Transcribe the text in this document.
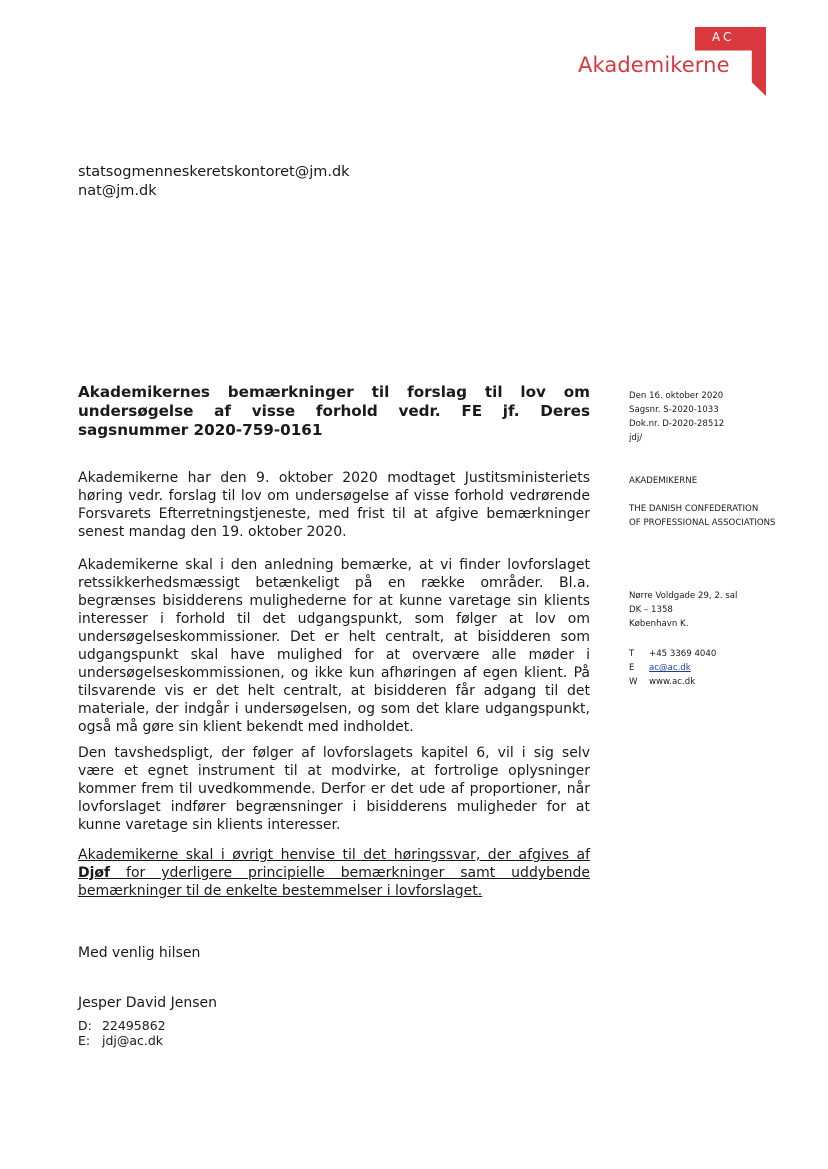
AC
Akademikerne
statsogmenneskeretskontoret@jm.dk
nat@jm.dk
Akademikernes bemærkninger til forslag til lov om undersøgelse af visse forhold vedr. FE jf. Deres sagsnummer 2020-759-0161
Akademikerne har den 9. oktober 2020 modtaget Justitsministeriets høring vedr. forslag til lov om undersøgelse af visse forhold vedrørende Forsvarets Efterretningstjeneste, med frist til at afgive bemærkninger senest mandag den 19. oktober 2020.
Akademikerne skal i den anledning bemærke, at vi finder lovforslaget retssikkerhedsmæssigt betænkeligt på en række områder. Bl.a. begrænses bisidderens mulighederne for at kunne varetage sin klients interesser i forhold til det udgangspunkt, som følger at lov om undersøgelseskommissioner. Det er helt centralt, at bisidderen som udgangspunkt skal have mulighed for at overvære alle møder i undersøgelseskommissionen, og ikke kun afhøringen af egen klient. På tilsvarende vis er det helt centralt, at bisidderen får adgang til det materiale, der indgår i undersøgelsen, og som det klare udgangspunkt, også må gøre sin klient bekendt med indholdet.
Den tavshedspligt, der følger af lovforslagets kapitel 6, vil i sig selv være et egnet instrument til at modvirke, at fortrolige oplysninger kommer frem til uvedkommende. Derfor er det ude af proportioner, når lovforslaget indfører begrænsninger i bisidderens muligheder for at kunne varetage sin klients interesser.
Akademikerne skal i øvrigt henvise til det høringssvar, der afgives af Djøf for yderligere principielle bemærkninger samt uddybende bemærkninger til de enkelte bestemmelser i lovforslaget.
Med venlig hilsen
Jesper David Jensen
D: 22495862
E: jdj@ac.dk
Den 16. oktober 2020
Sagsnr. S-2020-1033
Dok.nr. D-2020-28512
jdj/
AKADEMIKERNE
THE DANISH CONFEDERATION
OF PROFESSIONAL ASSOCIATIONS
Nørre Voldgade 29, 2. sal
DK – 1358
København K.
T +45 3369 4040
E ac@ac.dk
W www.ac.dk
